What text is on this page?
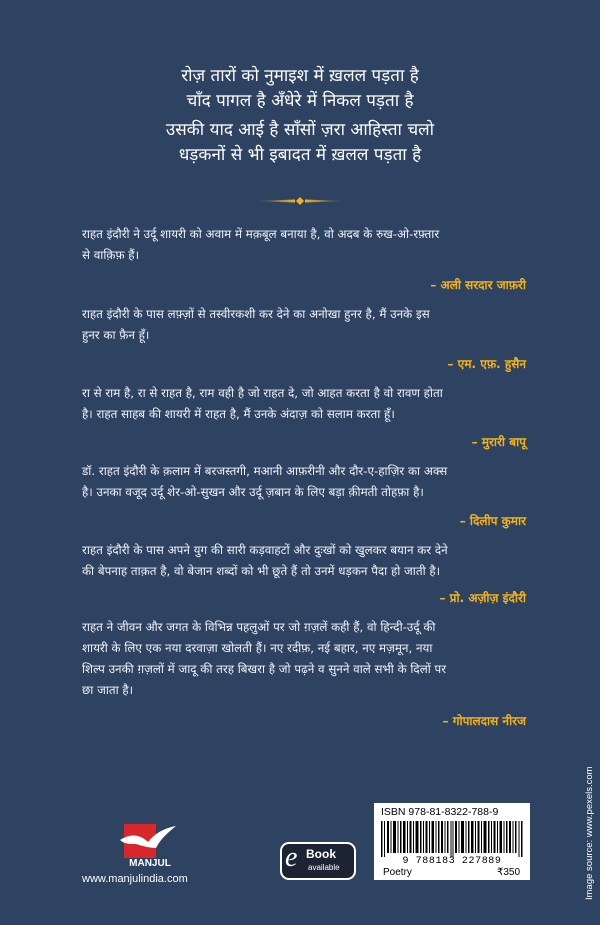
रोज़ तारों को नुमाइश में ख़लल पड़ता है
चाँद पागल है अँधेरे में निकल पड़ता है
उसकी याद आई है साँसों ज़रा आहिस्ता चलो
धड़कनों से भी इबादत में ख़लल पड़ता है
राहत इंदौरी ने उर्दू शायरी को अवाम में मक़बूल बनाया है, वो अदब के रुख-ओ-रफ़्तार
से वाक़िफ़ हैं।
– अली सरदार जाफ़री
राहत इंदौरी के पास लफ़्ज़ों से तस्वीरकशी कर देने का अनोखा हुनर है, मैं उनके इस
हुनर का फ़ैन हूँ।
– एम. एफ़. हुसैन
रा से राम है, रा से राहत है, राम वही है जो राहत दे, जो आहत करता है वो रावण होता
है। राहत साहब की शायरी में राहत है, मैं उनके अंदाज़ को सलाम करता हूँ।
– मुरारी बापू
डॉ. राहत इंदौरी के क़लाम में बरजस्तगी, मआनी आफ़रीनी और दौर-ए-हाज़िर का अक्स
है। उनका वजूद उर्दू शेर-ओ-सुखन और उर्दू ज़बान के लिए बड़ा क़ीमती तोहफ़ा है।
– दिलीप कुमार
राहत इंदौरी के पास अपने युग की सारी कड़वाहटों और दुःखों को खुलकर बयान कर देने
की बेपनाह ताक़त है, वो बेजान शब्दों को भी छूते हैं तो उनमें धड़कन पैदा हो जाती है।
– प्रो. अज़ीज़ इंदौरी
राहत ने जीवन और जगत के विभिन्न पहलुओं पर जो ग़ज़लें कही हैं, वो हिन्दी-उर्दू की
शायरी के लिए एक नया दरवाज़ा खोलती हैं। नए रदीफ़, नई बहार, नए मज़मून, नया
शिल्प उनकी ग़ज़लों में जादू की तरह बिखरा है जो पढ़ने व सुनने वाले सभी के दिलों पर
छा जाता है।
– गोपालदास नीरज
MANJUL
www.manjulindia.com
e Book
available
ISBN 978-81-8322-788-9
9 788183 227889
Poetry	₹350	Image source: www.pexels.com
